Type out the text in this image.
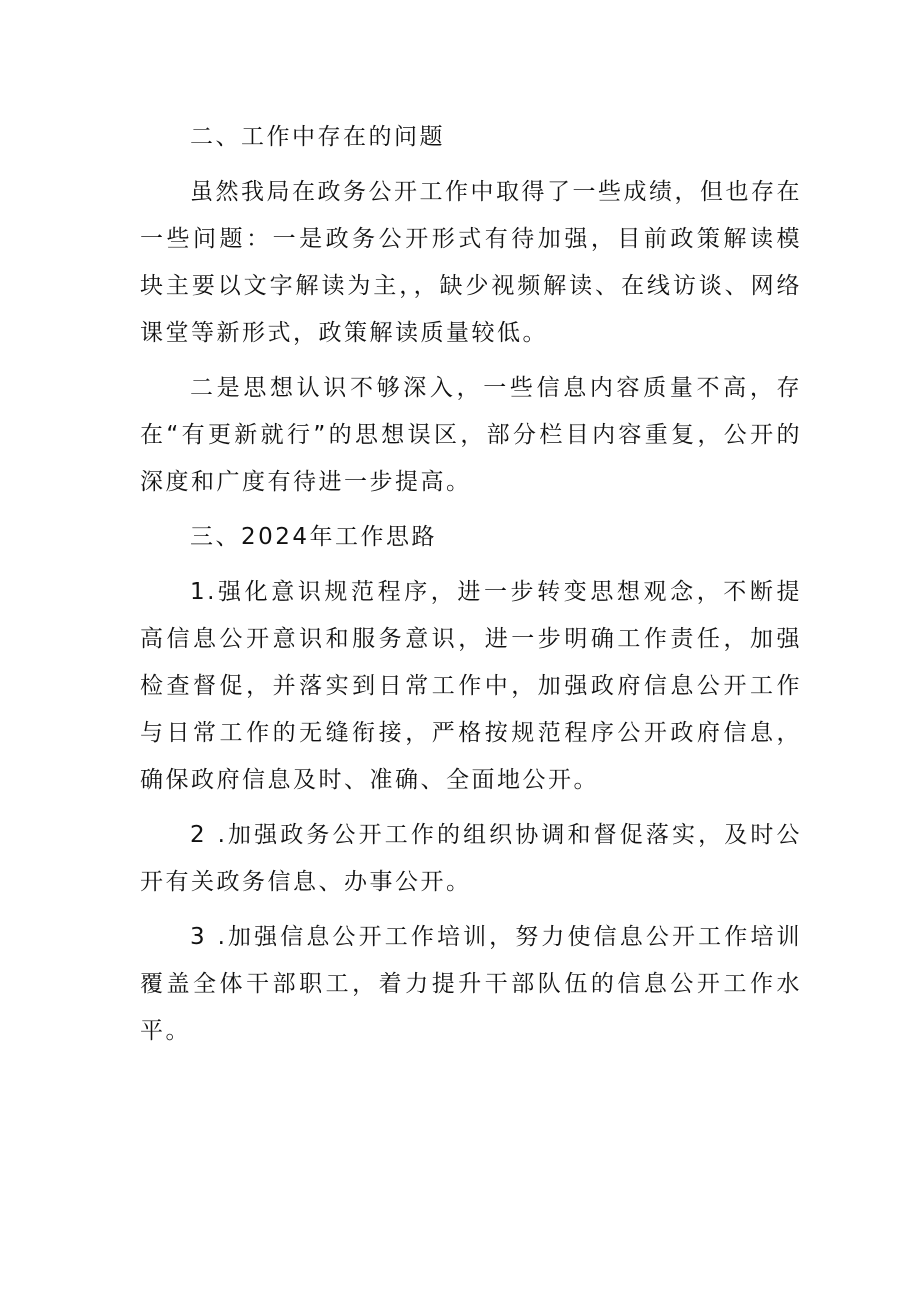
二、工作中存在的问题

虽然我局在政务公开工作中取得了一些成绩，但也存在一些问题：一是政务公开形式有待加强，目前政策解读模块主要以文字解读为主，，缺少视频解读、在线访谈、网络课堂等新形式，政策解读质量较低。

二是思想认识不够深入，一些信息内容质量不高，存在“有更新就行”的思想误区，部分栏目内容重复，公开的深度和广度有待进一步提高。

三、2024年工作思路

1.强化意识规范程序，进一步转变思想观念，不断提高信息公开意识和服务意识，进一步明确工作责任，加强检查督促，并落实到日常工作中，加强政府信息公开工作与日常工作的无缝衔接，严格按规范程序公开政府信息，确保政府信息及时、准确、全面地公开。

2 .加强政务公开工作的组织协调和督促落实，及时公开有关政务信息、办事公开。

3 .加强信息公开工作培训，努力使信息公开工作培训覆盖全体干部职工，着力提升干部队伍的信息公开工作水平。
